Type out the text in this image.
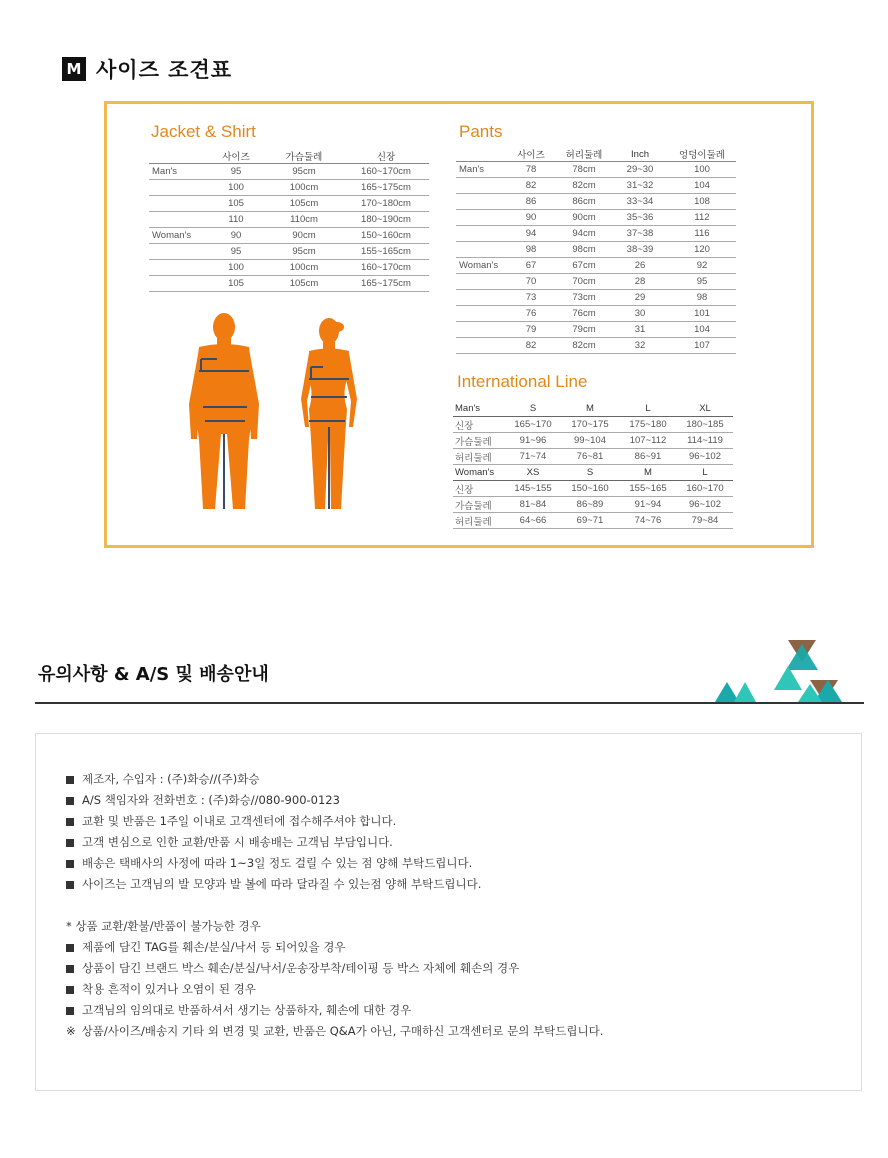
M 사이즈 조견표
Jacket & Shirt
	사이즈	가슴둘레	신장
Man's	95	95cm	160~170cm
	100	100cm	165~175cm
	105	105cm	170~180cm
	110	110cm	180~190cm
Woman's	90	90cm	150~160cm
	95	95cm	155~165cm
	100	100cm	160~170cm
	105	105cm	165~175cm
Pants
	사이즈	허리둘레	Inch	엉덩이둘레
Man's	78	78cm	29~30	100
	82	82cm	31~32	104
	86	86cm	33~34	108
	90	90cm	35~36	112
	94	94cm	37~38	116
	98	98cm	38~39	120
Woman's	67	67cm	26	92
	70	70cm	28	95
	73	73cm	29	98
	76	76cm	30	101
	79	79cm	31	104
	82	82cm	32	107
International Line
Man's	S	M	L	XL
신장	165~170	170~175	175~180	180~185
가슴둘레	91~96	99~104	107~112	114~119
허리둘레	71~74	76~81	86~91	96~102
Woman's	XS	S	M	L
신장	145~155	150~160	155~165	160~170
가슴둘레	81~84	86~89	91~94	96~102
허리둘레	64~66	69~71	74~76	79~84
유의사항 & A/S 및 배송안내
제조자, 수입자 : (주)화승//(주)화승
A/S 책임자와 전화번호 : (주)화승//080-900-0123
교환 및 반품은 1주일 이내로 고객센터에 접수해주셔야 합니다.
고객 변심으로 인한 교환/반품 시 배송배는 고객님 부담입니다.
배송은 택배사의 사정에 따라 1~3일 정도 걸릴 수 있는 점 양해 부탁드립니다.
사이즈는 고객님의 발 모양과 발 볼에 따라 달라질 수 있는점 양해 부탁드립니다.
* 상품 교환/환불/반품이 불가능한 경우
제품에 담긴 TAG를 훼손/분실/낙서 등 되어있을 경우
상품이 담긴 브랜드 박스 훼손/분실/낙서/운송장부착/테이핑 등 박스 자체에 훼손의 경우
착용 흔적이 있거나 오염이 된 경우
고객님의 임의대로 반품하셔서 생기는 상품하자, 훼손에 대한 경우
※ 상품/사이즈/배송지 기타 외 변경 및 교환, 반품은 Q&A가 아닌, 구매하신 고객센터로 문의 부탁드립니다.
